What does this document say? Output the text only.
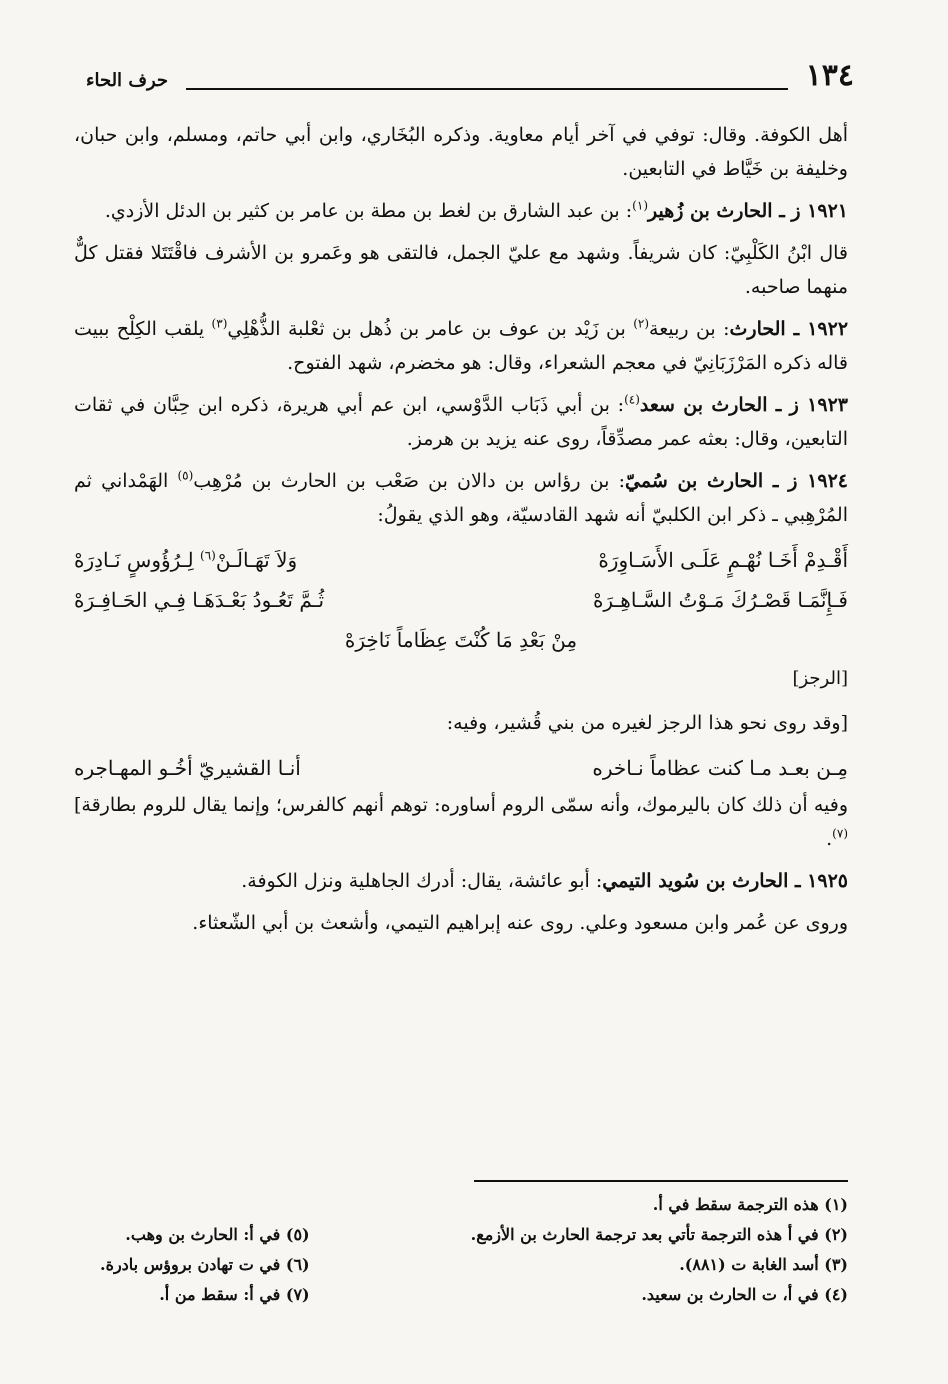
١٣٤
حرف الحاء

أهل الكوفة. وقال: توفي في آخر أيام معاوية. وذكره البُخَاري، وابن أبي حاتم، ومسلم، وابن حبان، وخليفة بن خَيَّاط في التابعين.

١٩٢١ ز ـ الحارث بن زُهير$^{(١)}$: بن عبد الشارق بن لغط بن مطة بن عامر بن كثير بن الدئل الأزدي.

قال ابْنُ الكَلْبِيّ: كان شريفاً. وشهد مع عليّ الجمل، فالتقى هو وعَمرو بن الأشرف فاقْتَتَلا فقتل كلٌّ منهما صاحبه.

١٩٢٢ ـ الحارث: بن ربيعة$^{(٢)}$ بن زَيْد بن عوف بن عامر بن ذُهل بن ثعْلبة الذُّهْلِي$^{(٣)}$ يلقب الكِلْح ببيت قاله ذكره المَرْزَبَانِيّ في معجم الشعراء، وقال: هو مخضرم، شهد الفتوح.

١٩٢٣ ز ـ الحارث بن سعد$^{(٤)}$: بن أبي ذَبَاب الدَّوْسي، ابن عم أبي هريرة، ذكره ابن حِبَّان في ثقات التابعين، وقال: بعثه عمر مصدِّقاً، روى عنه يزيد بن هرمز.

١٩٢٤ ز ـ الحارث بن سُميّ: بن رؤاس بن دالان بن صَعْب بن الحارث بن مُرْهِب$^{(٥)}$ الهَمْداني ثم المُرْهِبي ـ ذكر ابن الكلبيّ أنه شهد القادسيّة، وهو الذي يقولُ:

أَقْـدِمْ أَخَـا نُهْـمٍ عَلَـى الأَسَـاوِرَهْ
وَلاَ تَهَـالَـنْ$^{(٦)}$ لِـرُؤُوسٍ نَـادِرَهْ
فَـإِنَّمَـا قَصْـرُكَ مَـوْتُ السَّـاهِـرَهْ
ثُـمَّ تَعُـودُ بَعْـدَهَـا فِـي الحَـافِـرَهْ
مِنْ بَعْدِ مَا كُنْتَ عِظَاماً نَاخِرَهْ
[الرجز]

[وقد روى نحو هذا الرجز لغيره من بني قُشير، وفيه:

مِـن بعـد مـا كنت عظاماً نـاخره
أنـا القشيريّ أخُـو المهـاجره

وفيه أن ذلك كان باليرموك، وأنه سمّى الروم أساوره: توهم أنهم كالفرس؛ وإنما يقال للروم بطارقة]$^{(٧)}$.

١٩٢٥ ـ الحارث بن سُويد التيمي: أبو عائشة، يقال: أدرك الجاهلية ونزل الكوفة.

وروى عن عُمر وابن مسعود وعلي. روى عنه إبراهيم التيمي، وأشعث بن أبي الشّعثاء.

(١) هذه الترجمة سقط في أ.
(٢) في أ هذه الترجمة تأتي بعد ترجمة الحارث بن الأزمع.
(٣) أسد الغابة ت (٨٨١).
(٤) في أ، ت الحارث بن سعيد.
(٥) في أ: الحارث بن وهب.
(٦) في ت تهادن بروؤس بادرة.
(٧) في أ: سقط من أ.
